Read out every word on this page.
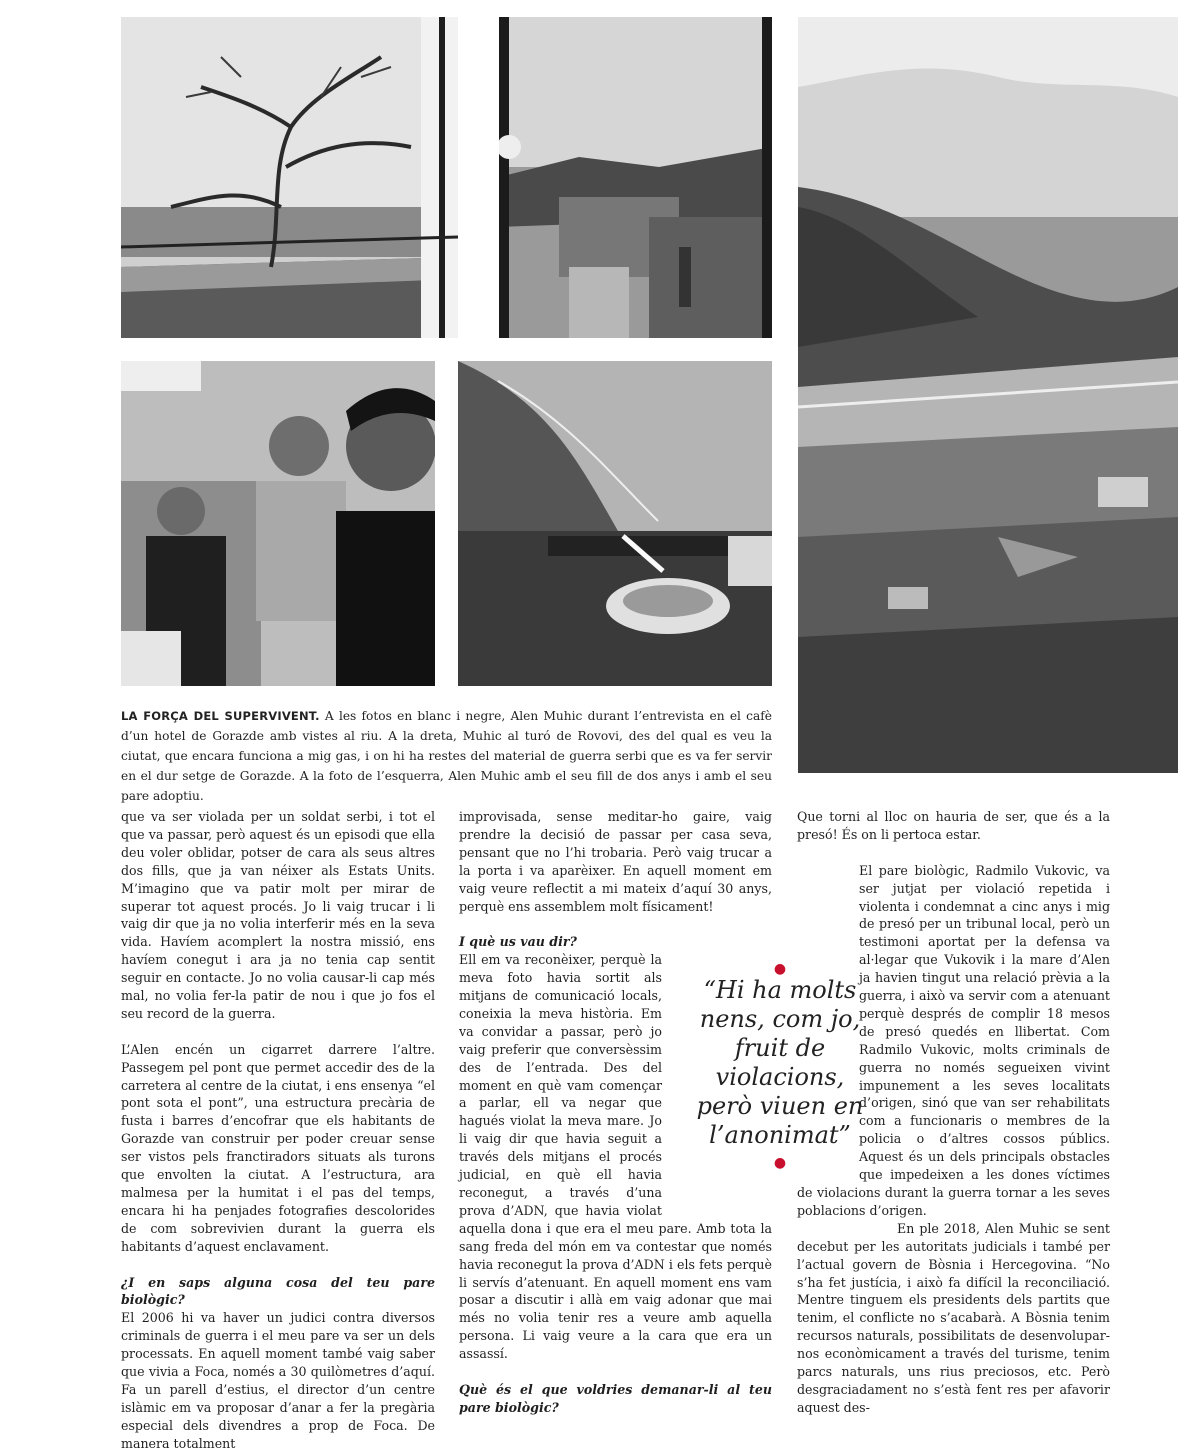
LA FORÇA DEL SUPERVIVENT. A les fotos en blanc i negre, Alen Muhic durant l’entrevista en el cafè d’un hotel de Gorazde amb vistes al riu. A la dreta, Muhic al turó de Rovovi, des del qual es veu la ciutat, que encara funciona a mig gas, i on hi ha restes del material de guerra serbi que es va fer servir en el dur setge de Gorazde. A la foto de l’esquerra, Alen Muhic amb el seu fill de dos anys i amb el seu pare adoptiu.

que va ser violada per un soldat serbi, i tot el que va passar, però aquest és un episodi que ella deu voler oblidar, potser de cara als seus altres dos fills, que ja van néixer als Estats Units. M’imagino que va patir molt per mirar de superar tot aquest procés. Jo li vaig trucar i li vaig dir que ja no volia interferir més en la seva vida. Havíem acomplert la nostra missió, ens havíem conegut i ara ja no tenia cap sentit seguir en contacte. Jo no volia causar-li cap més mal, no volia fer-la patir de nou i que jo fos el seu record de la guerra.

L’Alen encén un cigarret darrere l’altre. Passegem pel pont que permet accedir des de la carretera al centre de la ciutat, i ens ensenya “el pont sota el pont”, una estructura precària de fusta i barres d’encofrar que els habitants de Gorazde van construir per poder creuar sense ser vistos pels franctiradors situats als turons que envolten la ciutat. A l’estructura, ara malmesa per la humitat i el pas del temps, encara hi ha penjades fotografies descolorides de com sobrevivien durant la guerra els habitants d’aquest enclavament.

¿I en saps alguna cosa del teu pare biològic?

El 2006 hi va haver un judici contra diversos criminals de guerra i el meu pare va ser un dels processats. En aquell moment també vaig saber que vivia a Foca, només a 30 quilòmetres d’aquí. Fa un parell d’estius, el director d’un centre islàmic em va proposar d’anar a fer la pregària especial dels divendres a prop de Foca. De manera totalment

improvisada, sense meditar-ho gaire, vaig prendre la decisió de passar per casa seva, pensant que no l’hi trobaria. Però vaig trucar a la porta i va aparèixer. En aquell moment em vaig veure reflectit a mi mateix d’aquí 30 anys, perquè ens assemblem molt físicament!

I què us vau dir?

Ell em va reconèixer, perquè la meva foto havia sortit als mitjans de comunicació locals, coneixia la meva història. Em va convidar a passar, però jo vaig preferir que conversèssim des de l’entrada. Des del moment en què vam començar a parlar, ell va negar que hagués violat la meva mare. Jo li vaig dir que havia seguit a través dels mitjans el procés judicial, en què ell havia reconegut, a través d’una prova d’ADN, que havia violat aquella dona i que era el meu pare. Amb tota la sang freda del món em va contestar que només havia reconegut la prova d’ADN i els fets perquè li servís d’atenuant. En aquell moment ens vam posar a discutir i allà em vaig adonar que mai més no volia tenir res a veure amb aquella persona. Li vaig veure a la cara que era un assassí.

Què és el que voldries demanar-li al teu pare biològic?

Que torni al lloc on hauria de ser, que és a la presó! És on li pertoca estar.

El pare biològic, Radmilo Vukovic, va ser jutjat per violació repetida i violenta i condemnat a cinc anys i mig de presó per un tribunal local, però un testimoni aportat per la defensa va al·legar que Vukovik i la mare d’Alen ja havien tingut una relació prèvia a la guerra, i això va servir com a atenuant perquè després de complir 18 mesos de presó quedés en llibertat. Com Radmilo Vukovic, molts criminals de guerra no només segueixen vivint impunement a les seves localitats d’origen, sinó que van ser rehabilitats com a funcionaris o membres de la policia o d’altres cossos públics. Aquest és un dels principals obstacles que impedeixen a les dones víctimes de violacions durant la guerra tornar a les seves poblacions d’origen.

En ple 2018, Alen Muhic se sent decebut per les autoritats judicials i també per l’actual govern de Bòsnia i Hercegovina. “No s’ha fet justícia, i això fa difícil la reconciliació. Mentre tinguem els presidents dels partits que tenim, el conflicte no s’acabarà. A Bòsnia tenim recursos naturals, possibilitats de desenvolupar-nos econòmicament a través del turisme, tenim parcs naturals, uns rius preciosos, etc. Però desgraciadament no s’està fent res per afavorir aquest des-

●
“Hi ha molts nens, com jo, fruit de violacions, però viuen en l’anonimat”
●
